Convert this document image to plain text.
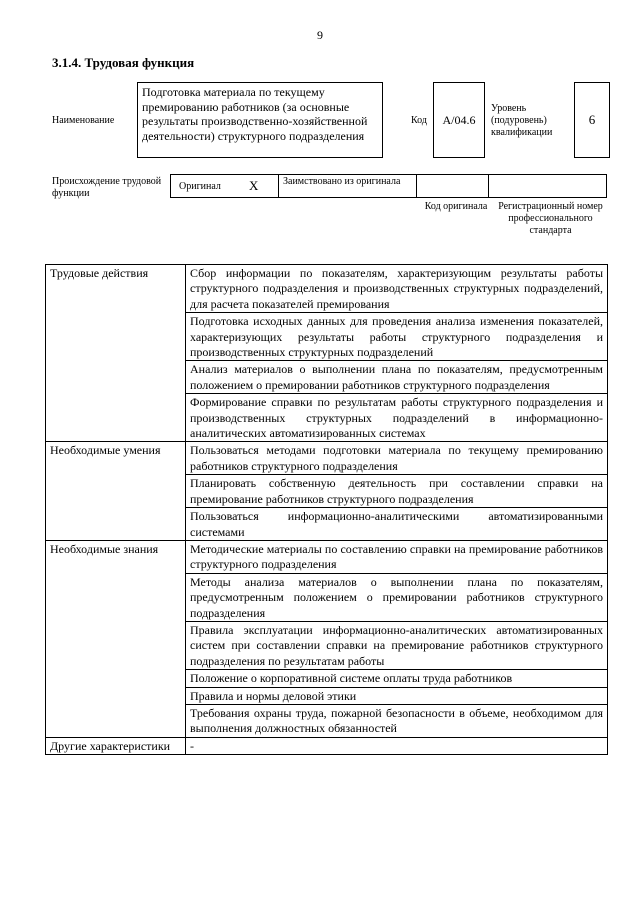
9
3.1.4. Трудовая функция
Наименование
Подготовка материала по текущему премированию работников (за основные результаты производственно-хозяйственной деятельности) структурного подразделения
Код	A/04.6
Уровень (подуровень) квалификации
6
Происхождение трудовой функции
Оригинал X	Заимствовано из оригинала
Код оригинала	Регистрационный номер профессионального стандарта
Трудовые действия	Сбор информации по показателям, характеризующим результаты работы структурного подразделения и производственных структурных подразделений, для расчета показателей премирования
	Подготовка исходных данных для проведения анализа изменения показателей, характеризующих результаты работы структурного подразделения и производственных структурных подразделений
	Анализ материалов о выполнении плана по показателям, предусмотренным положением о премировании работников структурного подразделения
	Формирование справки по результатам работы структурного подразделения и производственных структурных подразделений в информационно-аналитических автоматизированных системах
Необходимые умения	Пользоваться методами подготовки материала по текущему премированию работников структурного подразделения
	Планировать собственную деятельность при составлении справки на премирование работников структурного подразделения
	Пользоваться информационно-аналитическими автоматизированными системами
Необходимые знания	Методические материалы по составлению справки на премирование работников структурного подразделения
	Методы анализа материалов о выполнении плана по показателям, предусмотренным положением о премировании работников структурного подразделения
	Правила эксплуатации информационно-аналитических автоматизированных систем при составлении справки на премирование работников структурного подразделения по результатам работы
	Положение о корпоративной системе оплаты труда работников
	Правила и нормы деловой этики
	Требования охраны труда, пожарной безопасности в объеме, необходимом для выполнения должностных обязанностей
Другие характеристики	-
